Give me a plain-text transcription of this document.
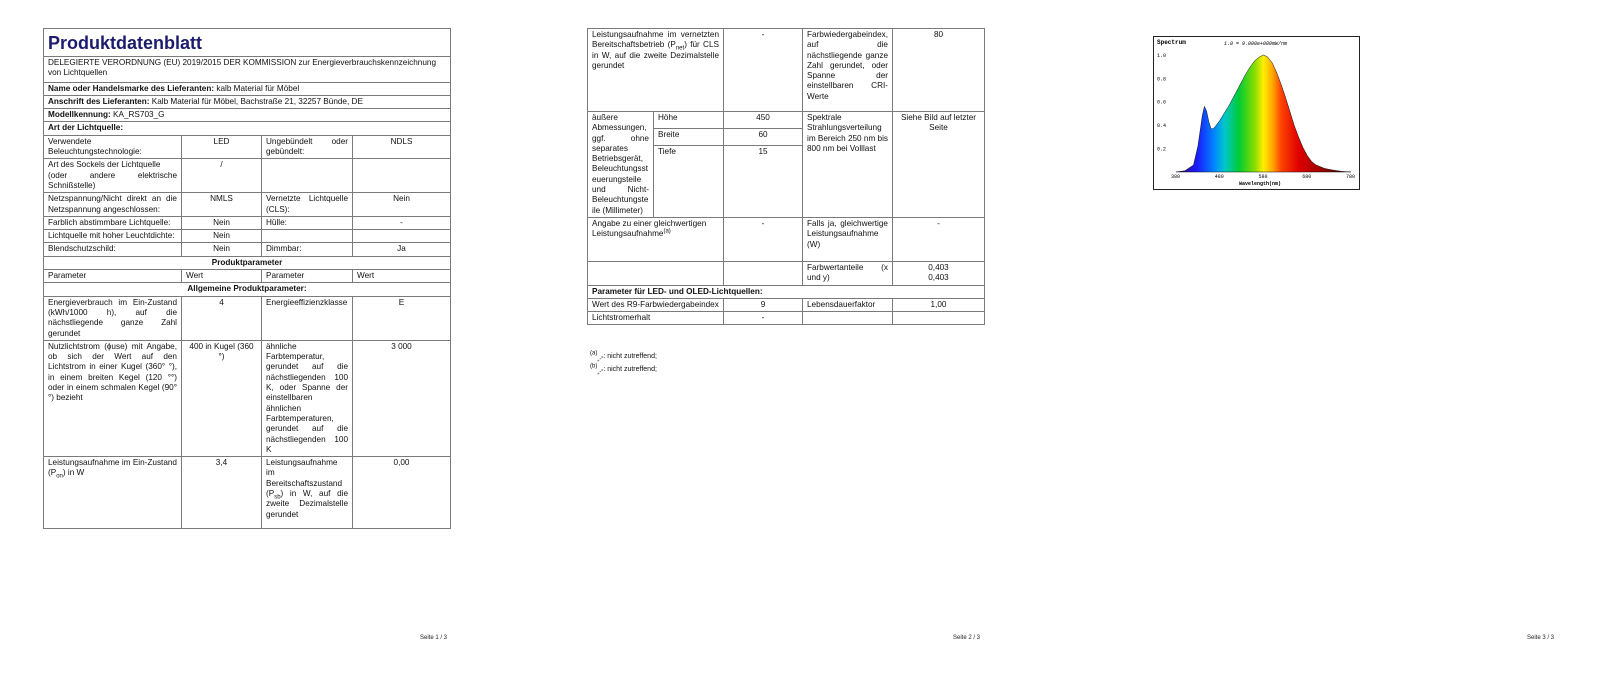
Produktdatenblatt			
DELEGIERTE VERORDNUNG (EU) 2019/2015 DER KOMMISSION zur Energieverbrauchskennzeichnung von Lichtquellen			
Name oder Handelsmarke des Lieferanten: kalb Material für Möbel			
Anschrift des Lieferanten: Kalb Material für Möbel, Bachstraße 21, 32257 Bünde, DE			
Modellkennung: KA_RS703_G			
Art der Lichtquelle:			
Verwendete Beleuchtungstechnologie:	LED	Ungebündelt oder gebündelt:	NDLS

Art des Sockels der Lichtquelle
(oder andere elektrische Schnißstelle)	/		
Netzspannung/Nicht direkt an die Netzspannung angeschlossen:	NMLS	Vernetzte Lichtquelle (CLS):	Nein
Farblich abstimmbare Lichtquelle:	Nein	Hülle:	-
Lichtquelle mit hoher Leuchtdichte:	Nein		
Blendschutzschild:	Nein	Dimmbar:	Ja
Produktparameter			
Parameter	Wert	Parameter	Wert
Allgemeine Produktparameter:			
Energieverbrauch im Ein-Zustand (kWh/1000 h), auf die nächstliegende ganze Zahl gerundet	4	Energieeffizienzklasse	E
Nutzlichtstrom (ɸuse) mit Angabe, ob sich der Wert auf den Lichtstrom in einer Kugel (360° °), in einem breiten Kegel (120 °°) oder in einem schmalen Kegel (90° °) bezieht	400 in Kugel (360 °)	ähnliche Farbtemperatur, gerundet auf die nächstliegenden 100 K, oder Spanne der einstellbaren ähnlichen Farbtemperaturen, gerundet auf die nächstliegenden 100 K	3 000
Leistungsaufnahme im Ein-Zustand $(P_{on})$ in W	3,4	Leistungsaufnahme im Bereitschaftszustand $(P_{sb})$ in W, auf die zweite Dezimalstelle gerundet	0,00
Seite 1 / 3
Leistungsaufnahme im vernetzten Bereitschaftsbetrieb $(P_{net})$ für CLS in W, auf die zweite Dezimalstelle gerundet		-	Farbwiedergabeindex, auf die nächstliegende ganze Zahl gerundet, oder Spanne der einstellbaren CRI-Werte	80
äußere Abmessungen, ggf. ohne separates Betriebsgerät, Beleuchtungssteuerungsteile und Nicht-Beleuchtungsteile (Millimeter)	Höhe	450	Spektrale Strahlungsverteilung im Bereich 250 nm bis 800 nm bei Volllast	Siehe Bild auf letzter Seite
	Breite	60		
	Tiefe	15		
Angabe zu einer gleichwertigen Leistungsaufnahme$^{(a)}$		-	Falls ja, gleichwertige Leistungsaufnahme (W)	-
			Farbwertanteile (x und y)	0,403
0,403

Parameter für LED- und OLED-Lichtquellen:				
Wert des R9-Farbwiedergabeindex		9	Lebensdauerfaktor	1,00
Lichtstromerhalt		-		
$^{(a)}_{„-“}$: nicht zutreffend;
$^{(b)}_{„-“}$: nicht zutreffend;
Seite 2 / 3	Seite 3 / 3
Spectrum	1.0 = 9.000e+000mW/nm
1.0
0.8
0.6
0.4
0.2
380	480	580	680	780
Wavelength(nm)
